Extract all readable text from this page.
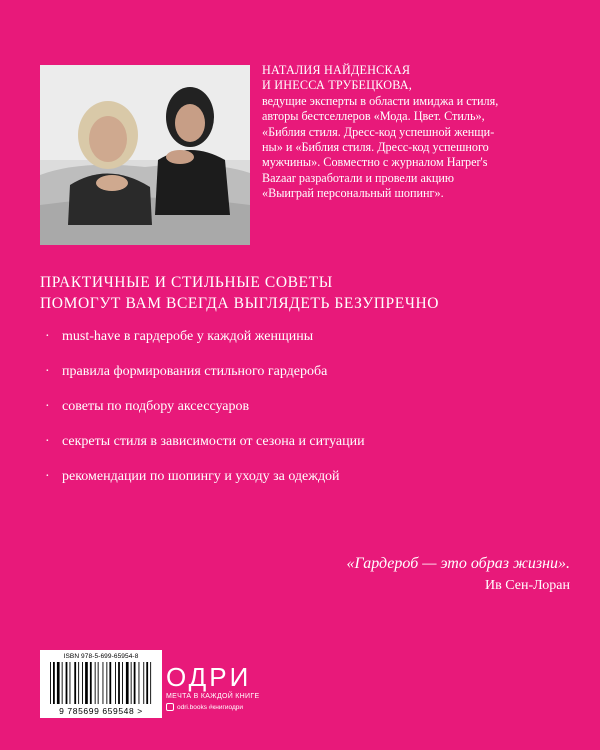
НАТАЛИЯ НАЙДЕНСКАЯ
И ИНЕССА ТРУБЕЦКОВА,
ведущие эксперты в области имиджа и стиля,
авторы бестселлеров «Мода. Цвет. Стиль»,
«Библия стиля. Дресс-код успешной женщи-
ны» и «Библия стиля. Дресс-код успешного
мужчины». Совместно с журналом Harper's
Bazaar разработали и провели акцию
«Выиграй персональный шопинг».
ПРАКТИЧНЫЕ И СТИЛЬНЫЕ СОВЕТЫ
ПОМОГУТ ВАМ ВСЕГДА ВЫГЛЯДЕТЬ БЕЗУПРЕЧНО
· must-have в гардеробе у каждой женщины
· правила формирования стильного гардероба
· советы по подбору аксессуаров
· секреты стиля в зависимости от сезона и ситуации
· рекомендации по шопингу и уходу за одеждой
«Гардероб — это образ жизни».
Ив Сен-Лоран
ISBN 978-5-699-65954-8
9 785699 659548 >
ОДРИ
МЕЧТА В КАЖДОЙ КНИГЕ
odri.books #книгиодри
